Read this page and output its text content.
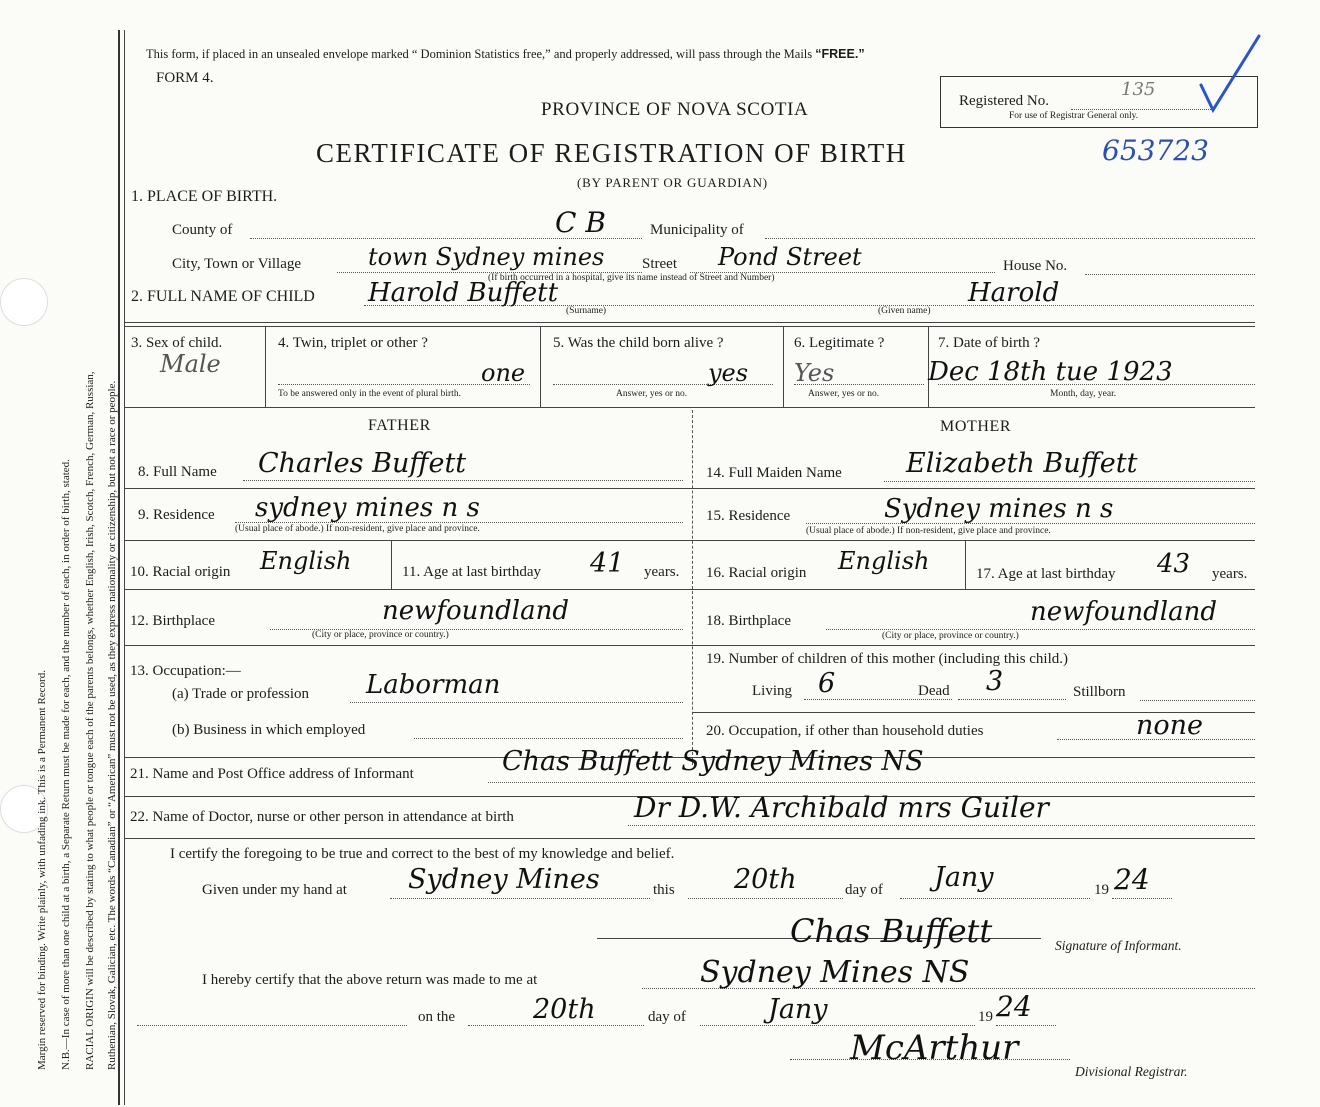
Margin reserved for binding. Write plainly, with unfading ink. This is a Permanent Record. N.B.—In case of more than one child at a birth, a Separate Return must be made for each, and the number of each, in order of birth, stated. RACIAL ORIGIN will be described by stating to what people or tongue each of the parents belongs, whether English, Irish, Scotch, French, German, Russian, Ruthenian, Slovak, Galician, etc. The words “Canadian” or “American” must not be used, as they express nationality or citizenship, but not a race or people.
This form, if placed in an unsealed envelope marked “ Dominion Statistics free,” and properly addressed, will pass through the Mails “FREE.”
FORM 4.
PROVINCE OF NOVA SCOTIA	Registered No.
For use of Registrar General only.
135
CERTIFICATE OF REGISTRATION OF BIRTH	653723
(BY PARENT OR GUARDIAN)
1. PLACE OF BIRTH.
County of	C B	Municipality of
City, Town or Village	town Sydney mines	Street Pond Street	House No.
(If birth occurred in a hospital, give its name instead of Street and Number)
2. FULL NAME OF CHILD Harold Buffett	Harold
(Surname)	(Given name)
3. Sex of child.
Male
4. Twin, triplet or other ?
one
To be answered only in the event of plural birth.
5. Was the child born alive ?
yes
Answer, yes or no.
6. Legitimate ?
Yes
Answer, yes or no.
7. Date of birth ?
Dec 18th tue 1923
Month, day, year.
FATHER	MOTHER
8. Full Name Charles Buffett
9. Residence sydney mines n s
(Usual place of abode.) If non-resident, give place and province.
10. Racial origin English	11. Age at last birthday 41 years.
12. Birthplace	newfoundland
(City or place, province or country.)
13. Occupation:—
(a) Trade or profession Laborman
(b) Business in which employed
14. Full Maiden Name Elizabeth Buffett
15. Residence	Sydney mines n s
(Usual place of abode.) If non-resident, give place and province.
16. Racial origin English	17. Age at last birthday 43 years.
18. Birthplace	newfoundland
(City or place, province or country.)
19. Number of children of this mother (including this child.)
Living 6	Dead 3	Stillborn
20. Occupation, if other than household duties	none
21. Name and Post Office address of Informant	Chas Buffett Sydney Mines NS
22. Name of Doctor, nurse or other person in attendance at birth	Dr D.W. Archibald mrs Guiler
I certify the foregoing to be true and correct to the best of my knowledge and belief.
Given under my hand at Sydney Mines	this 20th	day of Jany	19 24
Chas Buffett	Signature of Informant.
I hereby certify that the above return was made to me at	Sydney Mines NS
on the	20th	day of	Jany	19 24
McArthur
Divisional Registrar.
